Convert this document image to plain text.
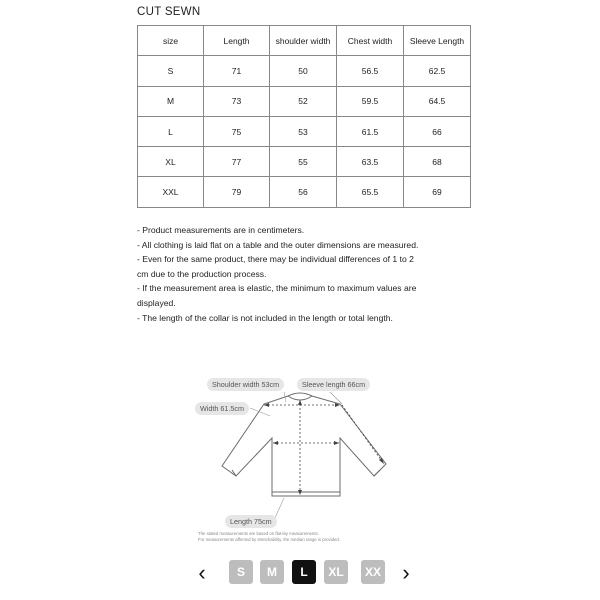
CUT SEWN
size	Length	shoulder width	Chest width	Sleeve Length
S	71	50	56.5	62.5
M	73	52	59.5	64.5
L	75	53	61.5	66
XL	77	55	63.5	68
XXL	79	56	65.5	69
- Product measurements are in centimeters.
- All clothing is laid flat on a table and the outer dimensions are measured.
- Even for the same product, there may be individual differences of 1 to 2
cm due to the production process.
- If the measurement area is elastic, the minimum to maximum values are
displayed.
- The length of the collar is not included in the length or total length.
Shoulder width 53cm	Sleeve length 66cm
Width 61.5cm
Length 75cm
The stated measurements are based on flat-lay measurements.
For measurements affected by stretchability, the median range is provided.
‹	S	M	L	XL	XX ›
